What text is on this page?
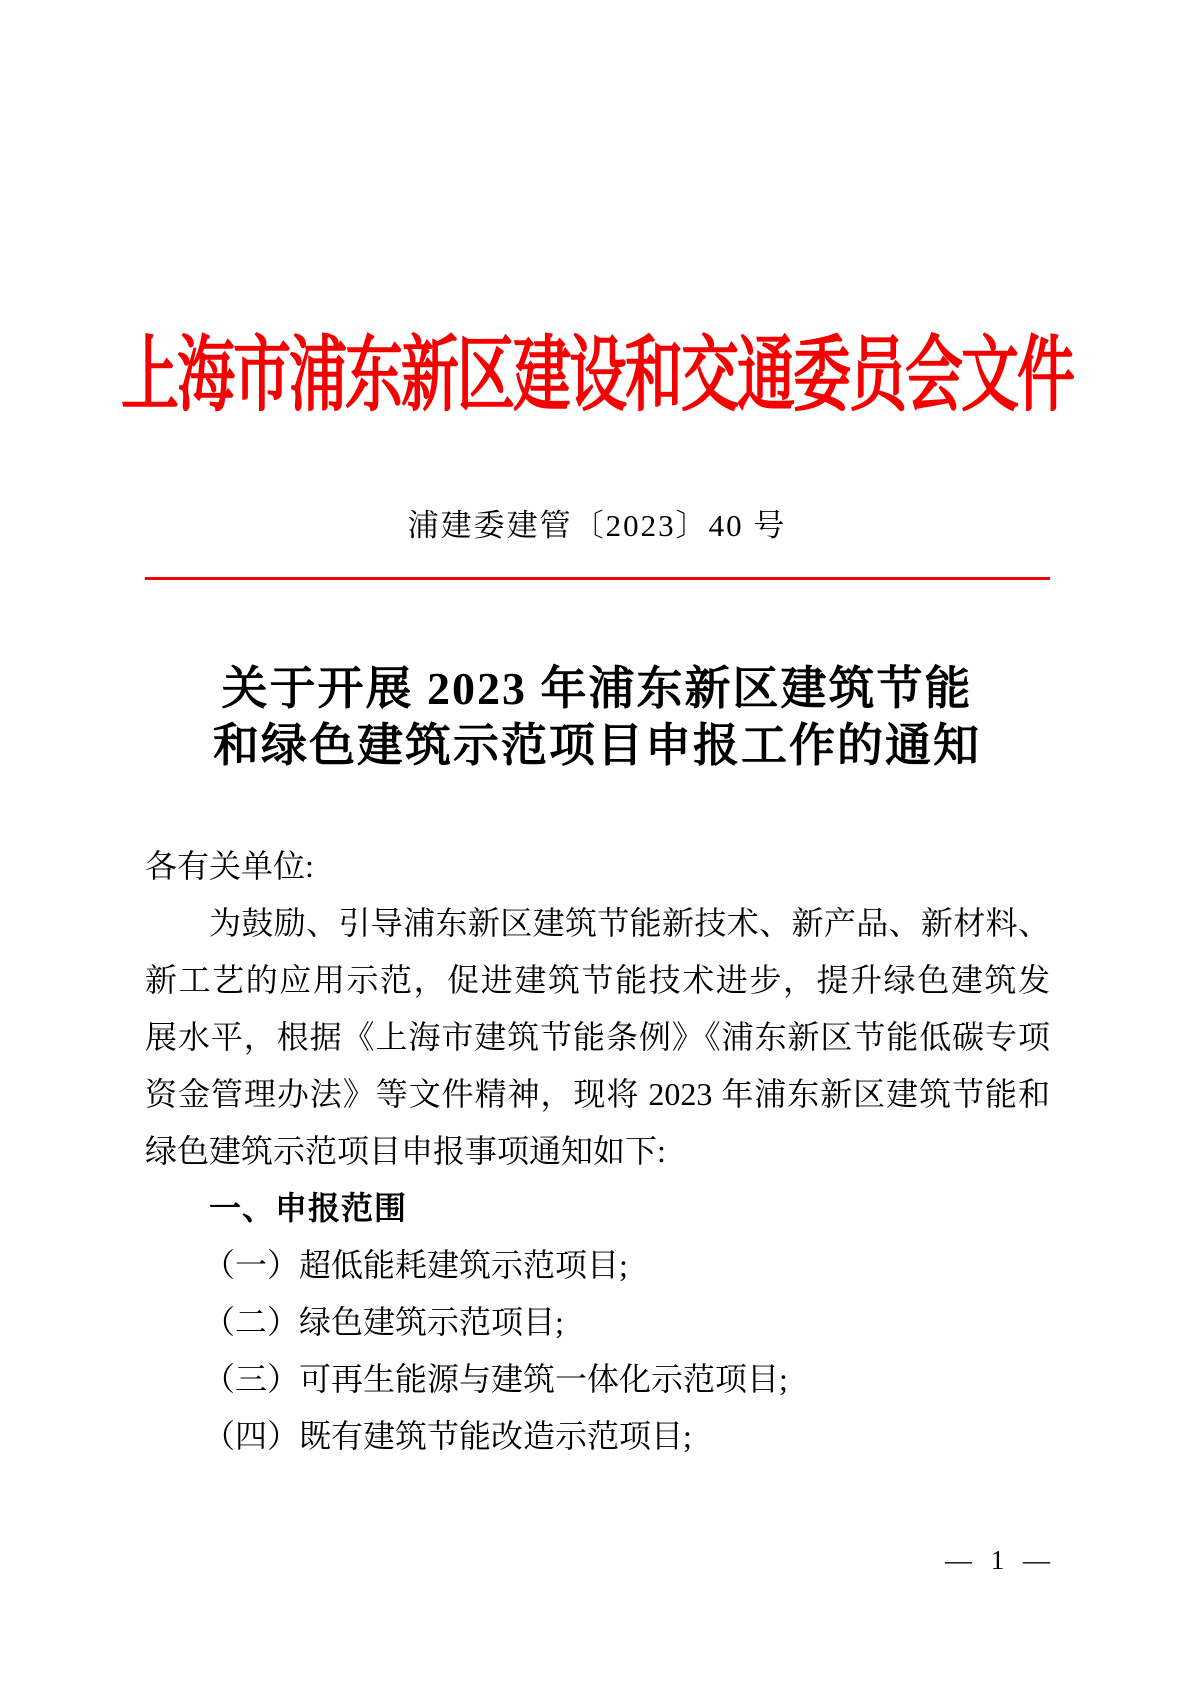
上海市浦东新区建设和交通委员会文件
浦建委建管〔2023〕40 号
关于开展 2023 年浦东新区建筑节能
和绿色建筑示范项目申报工作的通知
各有关单位:
为鼓励、引导浦东新区建筑节能新技术、新产品、新材料、
新工艺的应用示范，促进建筑节能技术进步，提升绿色建筑发
展水平，根据《上海市建筑节能条例》《浦东新区节能低碳专项
资金管理办法》等文件精神，现将 2023 年浦东新区建筑节能和
绿色建筑示范项目申报事项通知如下:
一、申报范围
（一）超低能耗建筑示范项目;
（二）绿色建筑示范项目;
（三）可再生能源与建筑一体化示范项目;
（四）既有建筑节能改造示范项目;
— 1 —
